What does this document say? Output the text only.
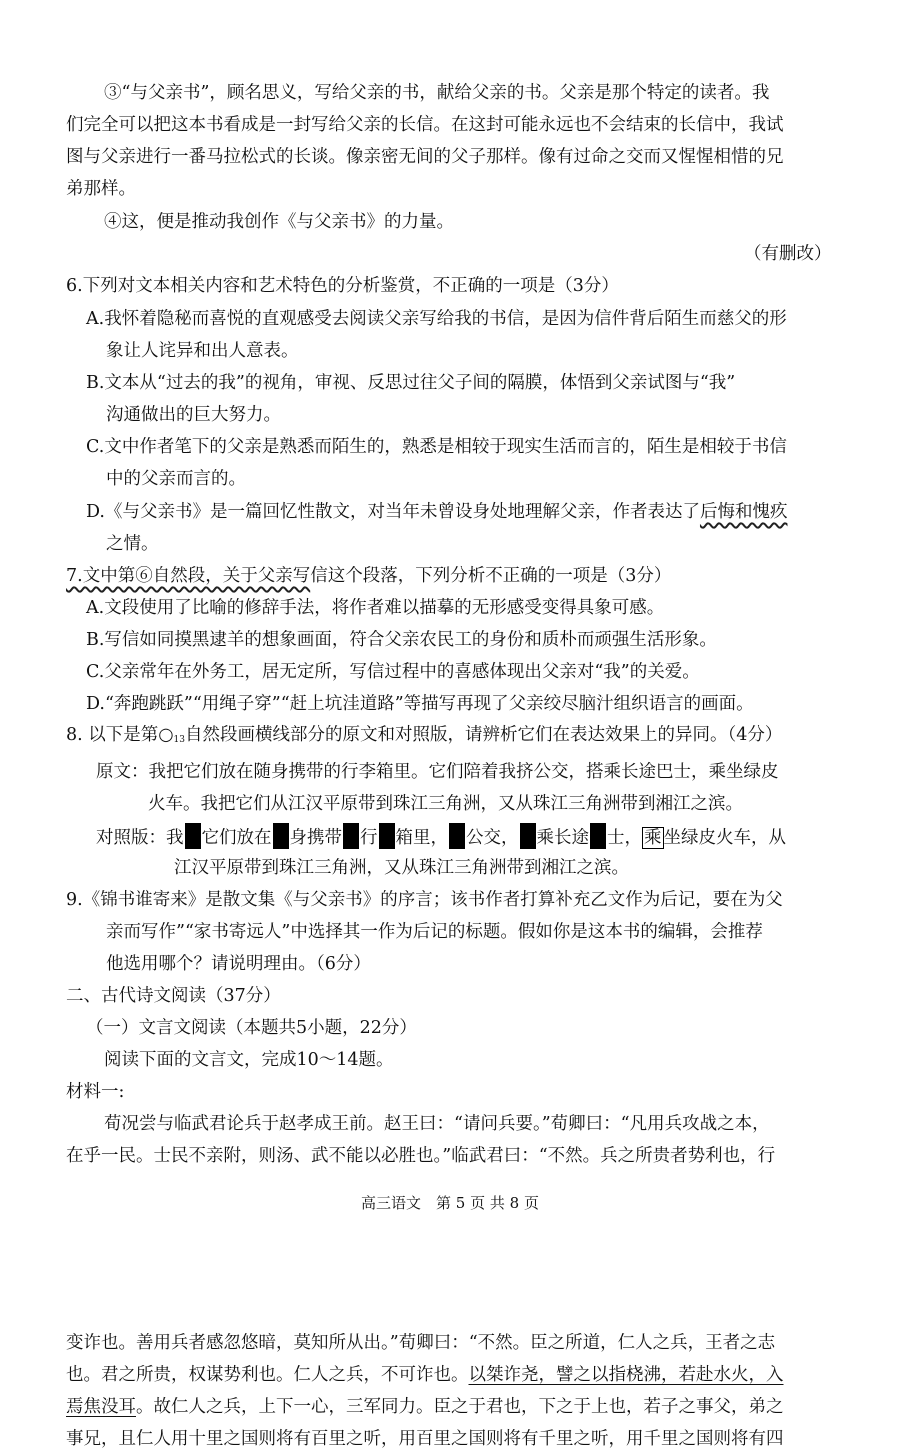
③“与父亲书”，顾名思义，写给父亲的书，献给父亲的书。父亲是那个特定的读者。我
们完全可以把这本书看成是一封写给父亲的长信。在这封可能永远也不会结束的长信中，我试
图与父亲进行一番马拉松式的长谈。像亲密无间的父子那样。像有过命之交而又惺惺相惜的兄
弟那样。
④这，便是推动我创作《与父亲书》的力量。
（有删改）
6.下列对文本相关内容和艺术特色的分析鉴赏，不正确的一项是（3分）
A.我怀着隐秘而喜悦的直观感受去阅读父亲写给我的书信，是因为信件背后陌生而慈父的形
象让人诧异和出人意表。
B.文本从“过去的我”的视角，审视、反思过往父子间的隔膜，体悟到父亲试图与“我”
沟通做出的巨大努力。
C.文中作者笔下的父亲是熟悉而陌生的，熟悉是相较于现实生活而言的，陌生是相较于书信
中的父亲而言的。
D.《与父亲书》是一篇回忆性散文，对当年未曾设身处地理解父亲，作者表达了后悔和愧疚
之情。
7.文中第⑥自然段，关于父亲写信这个段落，下列分析不正确的一项是（3分）
A.文段使用了比喻的修辞手法，将作者难以描摹的无形感受变得具象可感。
B.写信如同摸黑逮羊的想象画面，符合父亲农民工的身份和质朴而顽强生活形象。
C.父亲常年在外务工，居无定所，写信过程中的喜感体现出父亲对“我”的关爱。
D.“奔跑跳跃”“用绳子穿”“赶上坑洼道路”等描写再现了父亲绞尽脑汁组织语言的画面。
8. 以下是第○13自然段画横线部分的原文和对照版，请辨析它们在表达效果上的异同。（4分）
原文：我把它们放在随身携带的行李箱里。它们陪着我挤公交，搭乘长途巴士，乘坐绿皮
火车。我把它们从江汉平原带到珠江三角洲，又从珠江三角洲带到湘江之滨。
对照版：我 它们放在 身携带 行 箱里， 公交， 乘长途 士， 乘 坐绿皮火车，从
江汉平原带到珠江三角洲，又从珠江三角洲带到湘江之滨。
9.《锦书谁寄来》是散文集《与父亲书》的序言；该书作者打算补充乙文作为后记，要在为父
亲而写作”“家书寄远人”中选择其一作为后记的标题。假如你是这本书的编辑，会推荐
他选用哪个？请说明理由。（6分）
二、古代诗文阅读（37分）
（一）文言文阅读（本题共5小题，22分）
阅读下面的文言文，完成10～14题。
材料一:
荀况尝与临武君论兵于赵孝成王前。赵王曰：“请问兵要。”荀卿曰：“凡用兵攻战之本，
在乎一民。士民不亲附，则汤、武不能以必胜也。”临武君曰：“不然。兵之所贵者势利也，行
高三语文　第 5 页 共 8 页
变诈也。善用兵者感忽悠暗，莫知所从出。”荀卿曰：“不然。臣之所道，仁人之兵，王者之志
也。君之所贵，权谋势利也。仁人之兵，不可诈也。以桀诈尧，譬之以指桡沸，若赴水火，入
焉焦没耳。故仁人之兵，上下一心，三军同力。臣之于君也，下之于上也，若子之事父，弟之
事兄，且仁人用十里之国则将有百里之听，用百里之国则将有千里之听，用千里之国则将有四
